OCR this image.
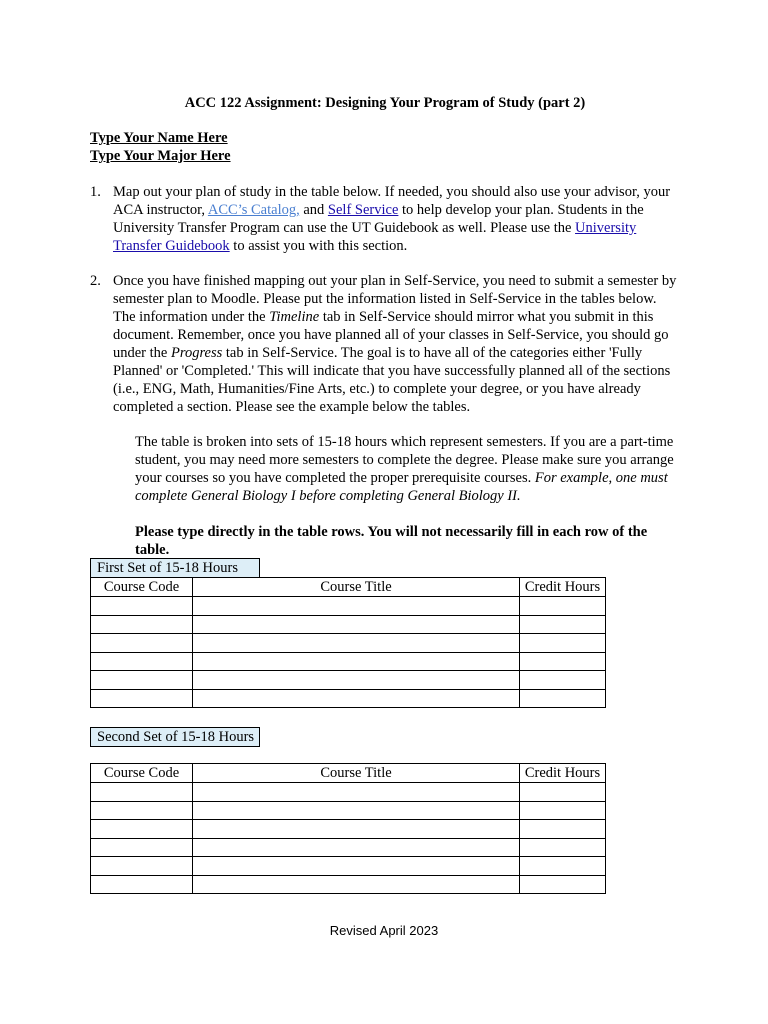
ACC 122 Assignment: Designing Your Program of Study (part 2)
Type Your Name Here
Type Your Major Here
1. Map out your plan of study in the table below. If needed, you should also use your advisor, your ACA instructor, ACC’s Catalog, and Self Service to help develop your plan. Students in the University Transfer Program can use the UT Guidebook as well. Please use the University Transfer Guidebook to assist you with this section.
2. Once you have finished mapping out your plan in Self-Service, you need to submit a semester by semester plan to Moodle. Please put the information listed in Self-Service in the tables below. The information under the Timeline tab in Self-Service should mirror what you submit in this document. Remember, once you have planned all of your classes in Self-Service, you should go under the Progress tab in Self-Service. The goal is to have all of the categories either 'Fully Planned' or 'Completed.' This will indicate that you have successfully planned all of the sections (i.e., ENG, Math, Humanities/Fine Arts, etc.) to complete your degree, or you have already completed a section. Please see the example below the tables.
The table is broken into sets of 15-18 hours which represent semesters. If you are a part-time student, you may need more semesters to complete the degree. Please make sure you arrange your courses so you have completed the proper prerequisite courses. For example, one must complete General Biology I before completing General Biology II.
Please type directly in the table rows. You will not necessarily fill in each row of the table.
First Set of 15-18 Hours
Course Code	Course Title	Credit Hours

Second Set of 15-18 Hours
Course Code	Course Title	Credit Hours

Revised April 2023
